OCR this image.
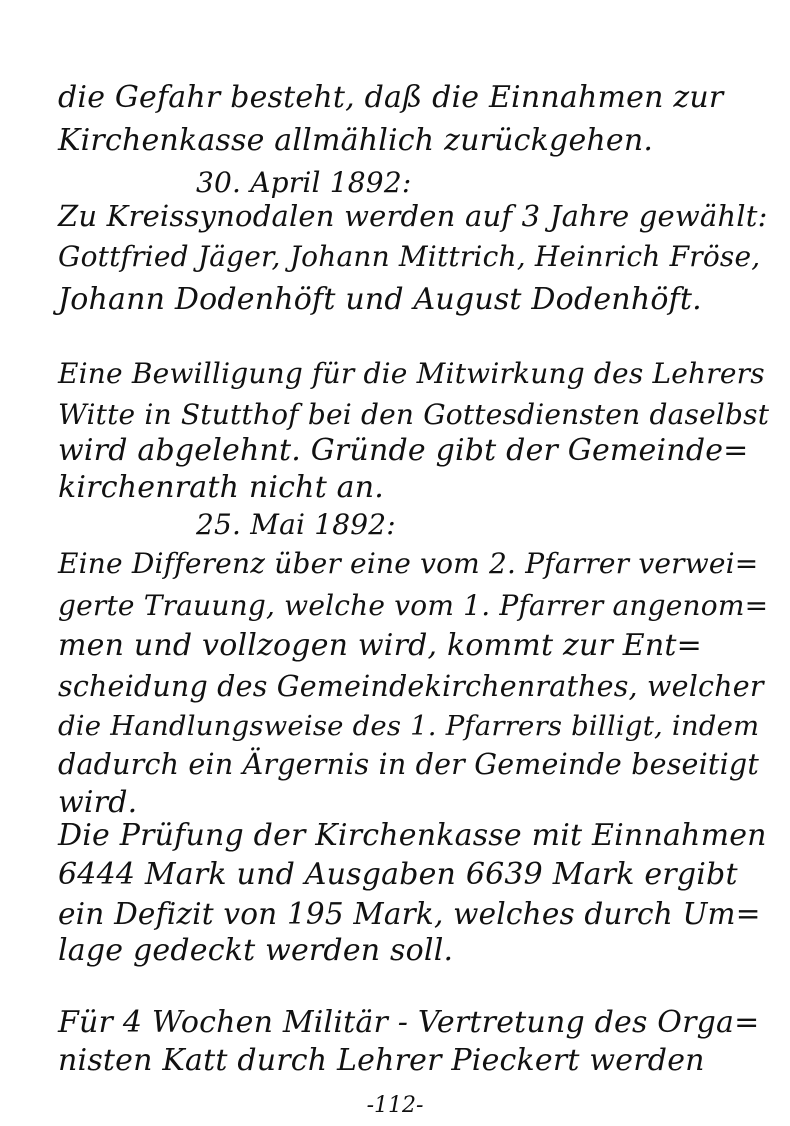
die Gefahr besteht, daß die Einnahmen zur
Kirchenkasse allmählich zurückgehen.
30. April 1892:
Zu Kreissynodalen werden auf 3 Jahre gewählt:
Gottfried Jäger, Johann Mittrich, Heinrich Fröse,
Johann Dodenhöft und August Dodenhöft.
Eine Bewilligung für die Mitwirkung des Lehrers
Witte in Stutthof bei den Gottesdiensten daselbst
wird abgelehnt. Gründe gibt der Gemeinde=
kirchenrath nicht an.
25. Mai 1892:
Eine Differenz über eine vom 2. Pfarrer verwei=
gerte Trauung, welche vom 1. Pfarrer angenom=
men und vollzogen wird, kommt zur Ent=
scheidung des Gemeindekirchenrathes, welcher
die Handlungsweise des 1. Pfarrers billigt, indem
dadurch ein Ärgernis in der Gemeinde beseitigt
wird.
Die Prüfung der Kirchenkasse mit Einnahmen
6444 Mark und Ausgaben 6639 Mark ergibt
ein Defizit von 195 Mark, welches durch Um=
lage gedeckt werden soll.
Für 4 Wochen Militär - Vertretung des Orga=
nisten Katt durch Lehrer Pieckert werden
-112-
